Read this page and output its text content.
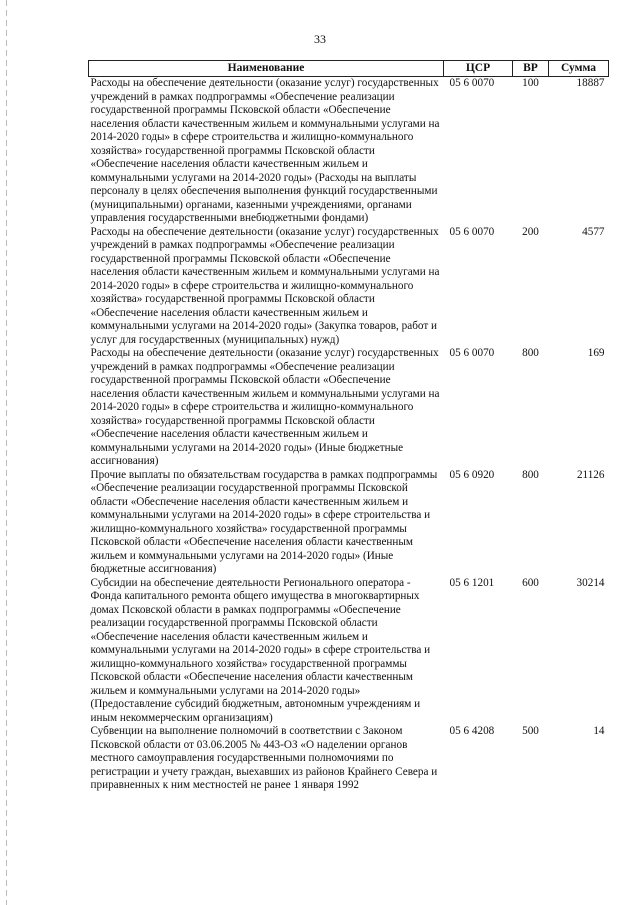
33
Наименование	ЦСР	ВР	Сумма
Расходы на обеспечение деятельности (оказание услуг) государственных учреждений в рамках подпрограммы «Обеспечение реализации государственной программы Псковской области «Обеспечение населения области качественным жильем и коммунальными услугами на 2014-2020 годы» в сфере строительства и жилищно-коммунального хозяйства» государственной программы Псковской области «Обеспечение населения области качественным жильем и коммунальными услугами на 2014-2020 годы» (Расходы на выплаты персоналу в целях обеспечения выполнения функций государственными (муниципальными) органами, казенными учреждениями, органами управления государственными внебюджетными фондами)	05 6 0070	100	18887
Расходы на обеспечение деятельности (оказание услуг) государственных учреждений в рамках подпрограммы «Обеспечение реализации государственной программы Псковской области «Обеспечение населения области качественным жильем и коммунальными услугами на 2014-2020 годы» в сфере строительства и жилищно-коммунального хозяйства» государственной программы Псковской области «Обеспечение населения области качественным жильем и коммунальными услугами на 2014-2020 годы» (Закупка товаров, работ и услуг для государственных (муниципальных) нужд)	05 6 0070	200	4577
Расходы на обеспечение деятельности (оказание услуг) государственных учреждений в рамках подпрограммы «Обеспечение реализации государственной программы Псковской области «Обеспечение населения области качественным жильем и коммунальными услугами на 2014-2020 годы» в сфере строительства и жилищно-коммунального хозяйства» государственной программы Псковской области «Обеспечение населения области качественным жильем и коммунальными услугами на 2014-2020 годы» (Иные бюджетные ассигнования)	05 6 0070	800	169
Прочие выплаты по обязательствам государства в рамках подпрограммы «Обеспечение реализации государственной программы Псковской области «Обеспечение населения области качественным жильем и коммунальными услугами на 2014-2020 годы» в сфере строительства и жилищно-коммунального хозяйства» государственной программы Псковской области «Обеспечение населения области качественным жильем и коммунальными услугами на 2014-2020 годы» (Иные бюджетные ассигнования)	05 6 0920	800	21126
Субсидии на обеспечение деятельности Регионального оператора - Фонда капитального ремонта общего имущества в многоквартирных домах Псковской области в рамках подпрограммы «Обеспечение реализации государственной программы Псковской области «Обеспечение населения области качественным жильем и коммунальными услугами на 2014-2020 годы» в сфере строительства и жилищно-коммунального хозяйства» государственной программы Псковской области «Обеспечение населения области качественным жильем и коммунальными услугами на 2014-2020 годы» (Предоставление субсидий бюджетным, автономным учреждениям и иным некоммерческим организациям)	05 6 1201	600	30214
Субвенции на выполнение полномочий в соответствии с Законом Псковской области от 03.06.2005 № 443-ОЗ «О наделении органов местного самоуправления государственными полномочиями по регистрации и учету граждан, выехавших из районов Крайнего Севера и приравненных к ним местностей не ранее 1 января 1992	05 6 4208	500	14
